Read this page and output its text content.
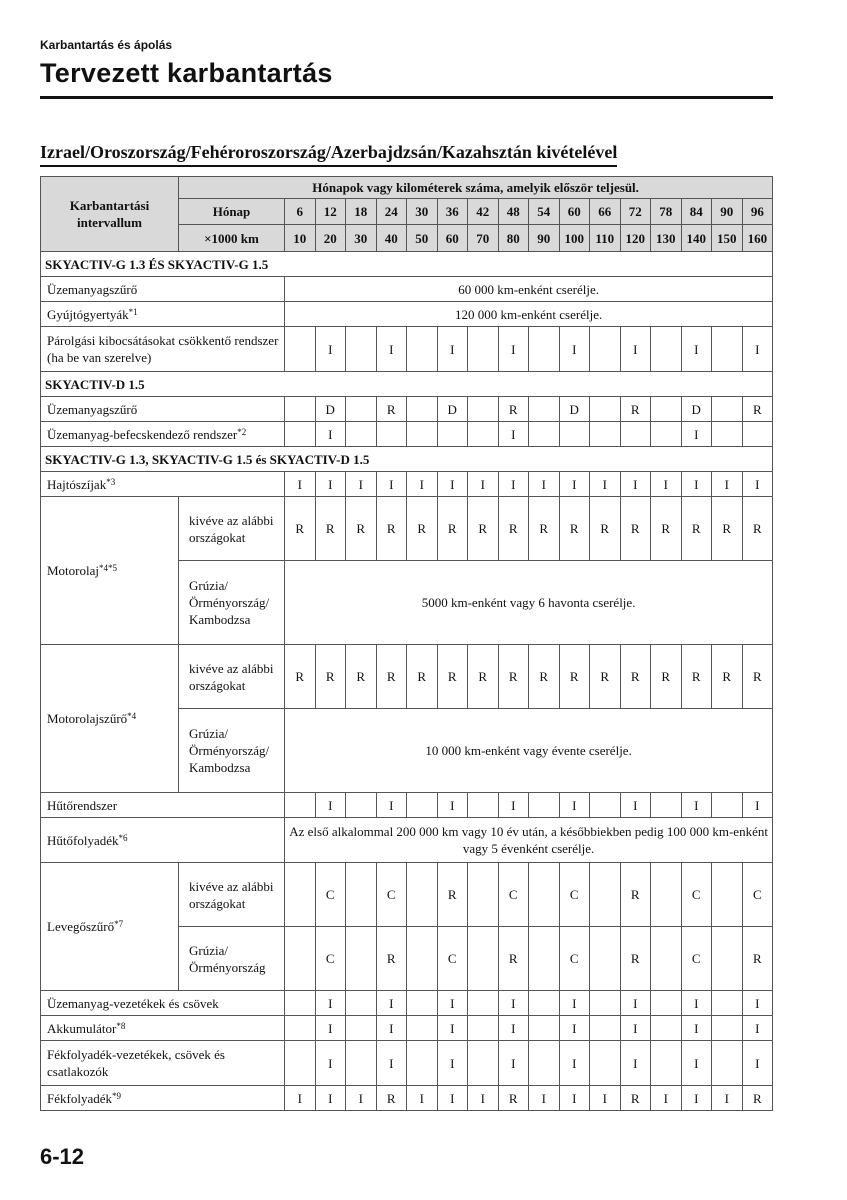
Karbantartás és ápolás

Tervezett karbantartás
Izrael/Oroszország/Fehéroroszország/Azerbajdzsán/Kazahsztán kivételével
Karbantartási intervallum	Hónapok vagy kilométerek száma, amelyik először teljesül.																
	Hónap	6	12	18	24	30	36	42	48	54	60	66	72	78	84	90	96
	×1000 km	10	20	30	40	50	60	70	80	90	100	110	120	130	140	150	160
SKYACTIV-G 1.3 ÉS SKYACTIV-G 1.5																	
Üzemanyagszűrő		60 000 km-enként cserélje.															
Gyújtógyertyák$^{*1}$		120 000 km-enként cserélje.															
Párolgási kibocsátásokat csökkentő rendszer (ha be van szerelve)			I		I		I		I		I		I		I		I
SKYACTIV-D 1.5																	
Üzemanyagszűrő			D		R		D		R		D		R		D		R
Üzemanyag-befecskendező rendszer$^{*2}$			I						I						I		
SKYACTIV-G 1.3, SKYACTIV-G 1.5 és SKYACTIV-D 1.5																	
Hajtószíjak$^{*3}$		I	I	I	I	I	I	I	I	I	I	I	I	I	I	I	I
Motorolaj$^{*4*5}$	kivéve az alábbi országokat	R	R	R	R	R	R	R	R	R	R	R	R	R	R	R	R
	Grúzia/ Örményország/ Kambodzsa	5000 km-enként vagy 6 havonta cserélje.															
Motorolajszűrő$^{*4}$	kivéve az alábbi országokat	R	R	R	R	R	R	R	R	R	R	R	R	R	R	R	R
	Grúzia/ Örményország/ Kambodzsa	10 000 km-enként vagy évente cserélje.															
Hűtőrendszer			I		I		I		I		I		I		I		I
Hűtőfolyadék$^{*6}$		Az első alkalommal 200 000 km vagy 10 év után, a későbbiekben pedig 100 000 km-enként vagy 5 évenként cserélje.															
Levegőszűrő$^{*7}$	kivéve az alábbi országokat		C		C		R		C		C		R		C		C
	Grúzia/ Örményország		C		R		C		R		C		R		C		R
Üzemanyag-vezetékek és csövek			I		I		I		I		I		I		I		I
Akkumulátor$^{*8}$			I		I		I		I		I		I		I		I
Fékfolyadék-vezetékek, csövek és csatlakozók			I		I		I		I		I		I		I		I
Fékfolyadék$^{*9}$		I	I	I	R	I	I	I	R	I	I	I	R	I	I	I	R
6-12
